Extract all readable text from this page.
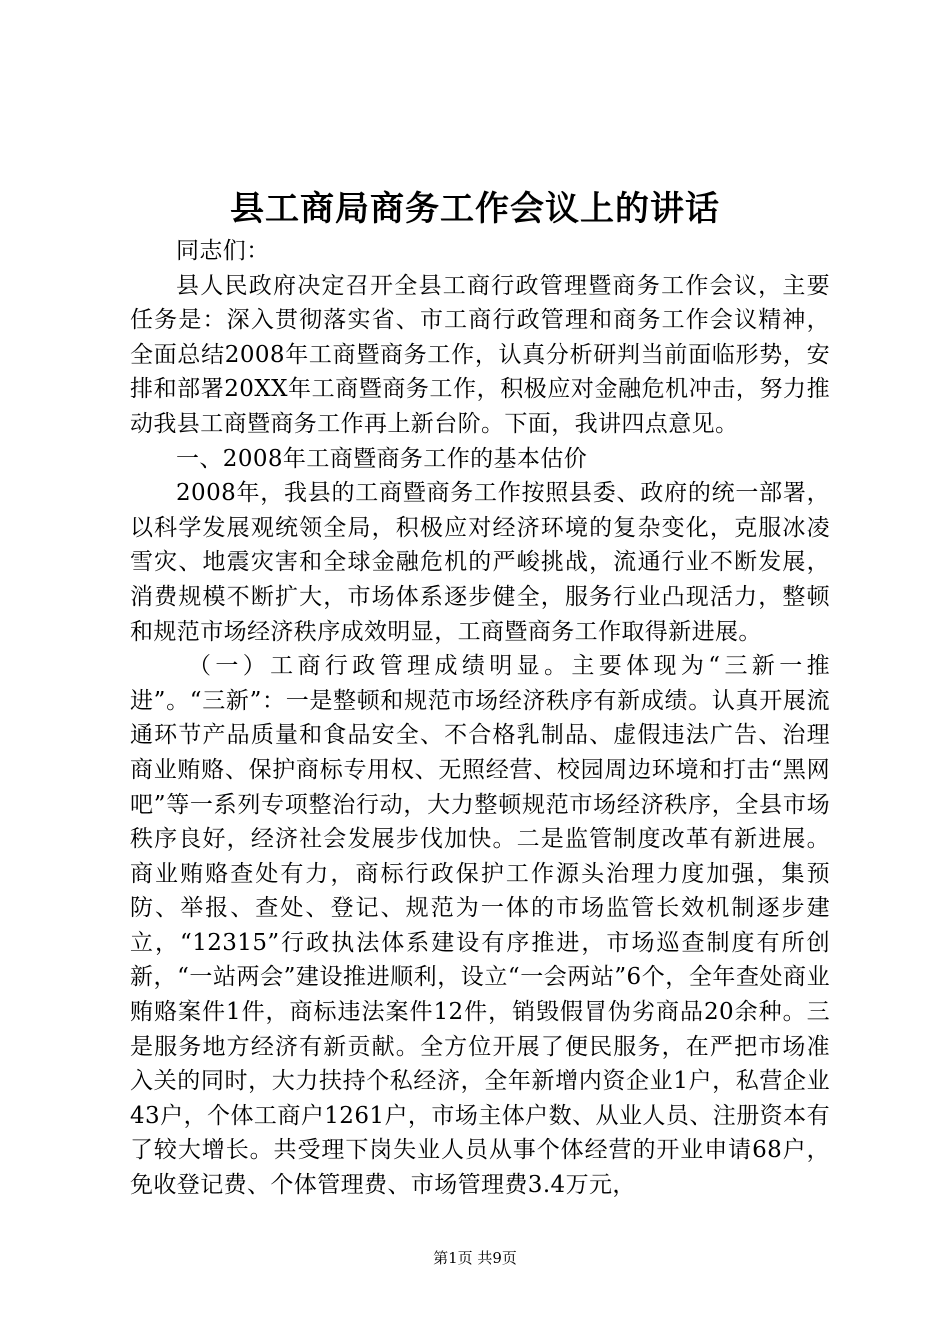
县工商局商务工作会议上的讲话

同志们：

县人民政府决定召开全县工商行政管理暨商务工作会议，主要任务是：深入贯彻落实省、市工商行政管理和商务工作会议精神，全面总结2008年工商暨商务工作，认真分析研判当前面临形势，安排和部署20XX年工商暨商务工作，积极应对金融危机冲击，努力推动我县工商暨商务工作再上新台阶。下面，我讲四点意见。

一、2008年工商暨商务工作的基本估价

2008年，我县的工商暨商务工作按照县委、政府的统一部署，以科学发展观统领全局，积极应对经济环境的复杂变化，克服冰凌雪灾、地震灾害和全球金融危机的严峻挑战，流通行业不断发展，消费规模不断扩大，市场体系逐步健全，服务行业凸现活力，整顿和规范市场经济秩序成效明显，工商暨商务工作取得新进展。

（一）工商行政管理成绩明显。主要体现为“三新一推进”。“三新”：一是整顿和规范市场经济秩序有新成绩。认真开展流通环节产品质量和食品安全、不合格乳制品、虚假违法广告、治理商业贿赂、保护商标专用权、无照经营、校园周边环境和打击“黑网吧”等一系列专项整治行动，大力整顿规范市场经济秩序，全县市场秩序良好，经济社会发展步伐加快。二是监管制度改革有新进展。商业贿赂查处有力，商标行政保护工作源头治理力度加强，集预防、举报、查处、登记、规范为一体的市场监管长效机制逐步建立，“12315”行政执法体系建设有序推进，市场巡查制度有所创新，“一站两会”建设推进顺利，设立“一会两站”6个，全年查处商业贿赂案件1件，商标违法案件12件，销毁假冒伪劣商品20余种。三是服务地方经济有新贡献。全方位开展了便民服务，在严把市场准入关的同时，大力扶持个私经济，全年新增内资企业1户，私营企业43户，个体工商户1261户，市场主体户数、从业人员、注册资本有了较大增长。共受理下岗失业人员从事个体经营的开业申请68户，免收登记费、个体管理费、市场管理费3.4万元，

第1页 共9页
